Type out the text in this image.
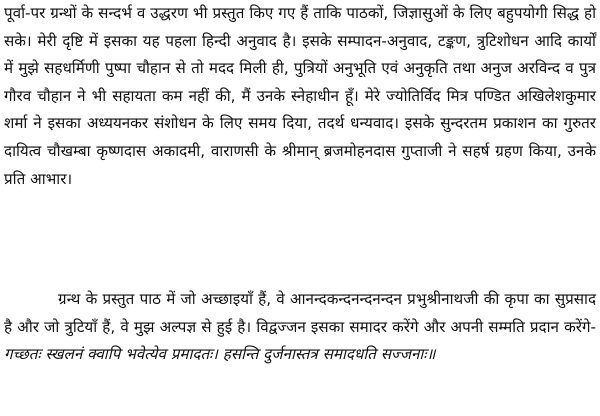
पूर्वा-पर ग्रन्थों के सन्दर्भ व उद्धरण भी प्रस्तुत किए गए हैं ताकि पाठकों, जिज्ञासुओं के लिए बहुपयोगी सिद्ध हो सके। मेरी दृष्टि में इसका यह पहला हिन्दी अनुवाद है। इसके सम्पादन-अनुवाद, टङ्कण, त्रुटिशोधन आदि कार्यों में मुझे सहधर्मिणी पुष्पा चौहान से तो मदद मिली ही, पुत्रियों अनुभूति एवं अनुकृति तथा अनुज अरविन्द व पुत्र गौरव चौहान ने भी सहायता कम नहीं की, मैं उनके स्नेहाधीन हूँ। मेरे ज्योतिर्विद मित्र पण्डित अखिलेशकुमार शर्मा ने इसका अध्ययनकर संशोधन के लिए समय दिया, तदर्थ धन्यवाद। इसके सुन्दरतम प्रकाशन का गुरुतर दायित्व चौखम्बा कृष्णदास अकादमी, वाराणसी के श्रीमान् ब्रजमोहनदास गुप्ताजी ने सहर्ष ग्रहण किया, उनके प्रति आभार।

ग्रन्थ के प्रस्तुत पाठ में जो अच्छाइयाँ हैं, वे आनन्दकन्दनन्दनन्दन प्रभुश्रीनाथजी की कृपा का सुप्रसाद है और जो त्रुटियाँ हैं, वे मुझ अल्पज्ञ से हुई है। विद्वज्जन इसका समादर करेंगे और अपनी सम्मति प्रदान करेंगे- गच्छतः स्खलनं क्वापि भवेत्येव प्रमादतः। हसन्ति दुर्जनास्तत्र समादधति सज्जनाः॥
